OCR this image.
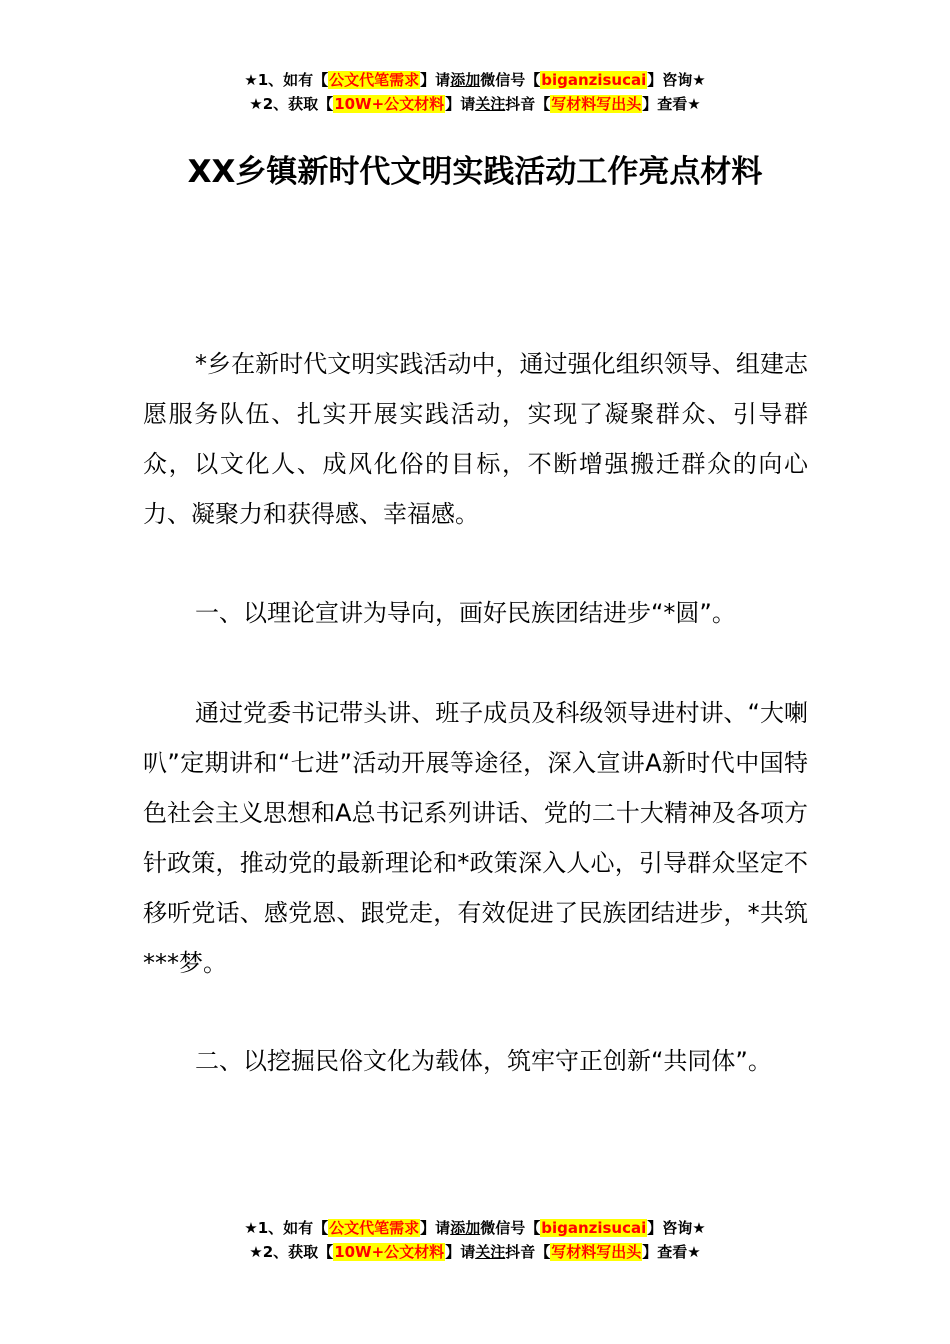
★1、如有【公文代笔需求】请添加微信号【biganzisucai】咨询★
★2、获取【10W+公文材料】请关注抖音【写材料写出头】查看★
XX乡镇新时代文明实践活动工作亮点材料

*乡在新时代文明实践活动中，通过强化组织领导、组建志愿服务队伍、扎实开展实践活动，实现了凝聚群众、引导群众，以文化人、成风化俗的目标，不断增强搬迁群众的向心力、凝聚力和获得感、幸福感。

一、以理论宣讲为导向，画好民族团结进步“*圆”。

通过党委书记带头讲、班子成员及科级领导进村讲、“大喇叭”定期讲和“七进”活动开展等途径，深入宣讲A新时代中国特色社会主义思想和A总书记系列讲话、党的二十大精神及各项方针政策，推动党的最新理论和*政策深入人心，引导群众坚定不移听党话、感党恩、跟党走，有效促进了民族团结进步，*共筑***梦。

二、以挖掘民俗文化为载体，筑牢守正创新“共同体”。

★1、如有【公文代笔需求】请添加微信号【biganzisucai】咨询★
★2、获取【10W+公文材料】请关注抖音【写材料写出头】查看★
